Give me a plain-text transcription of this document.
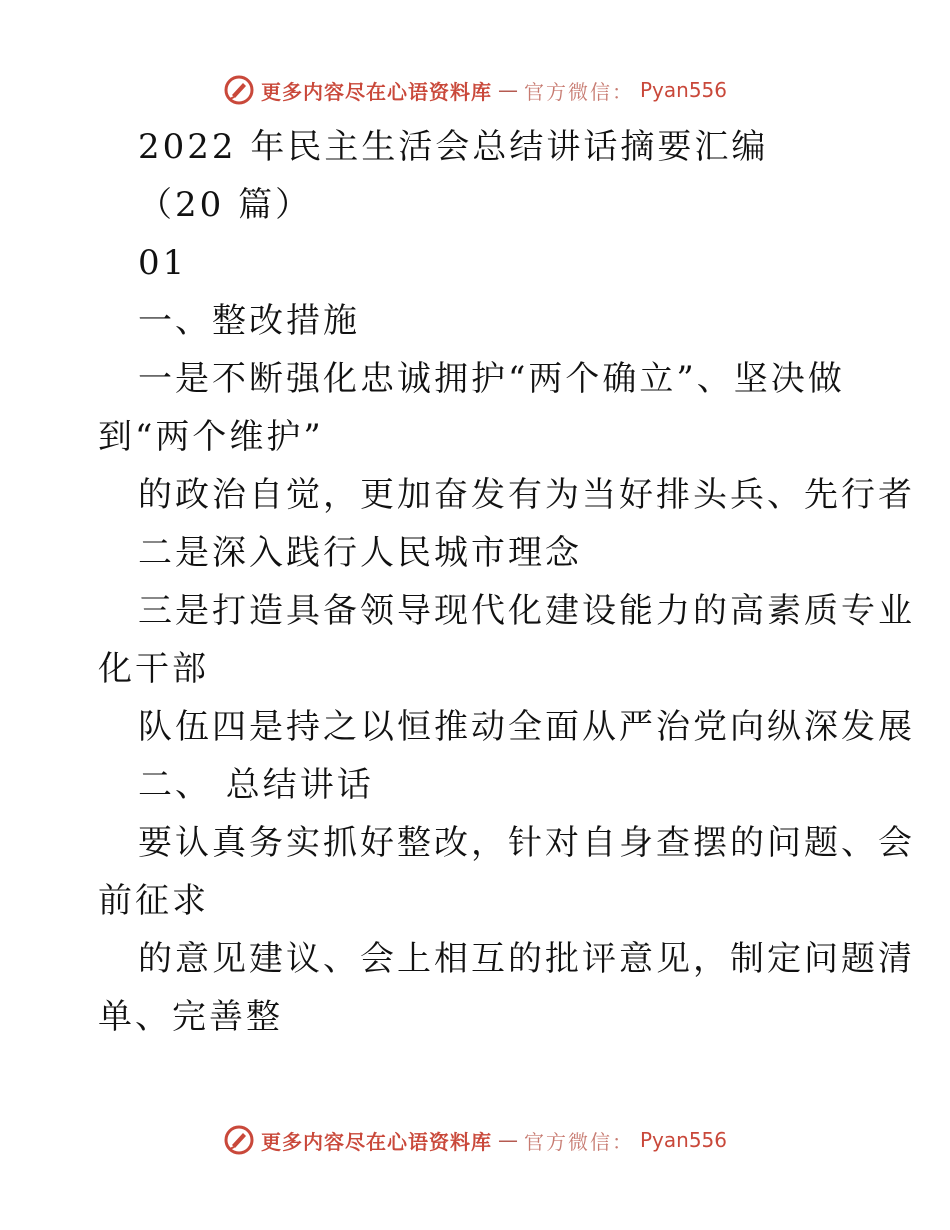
更多内容尽在心语资料库 — 官方微信： Pyan556
2022 年民主生活会总结讲话摘要汇编
（20 篇）
01
一、整改措施
一是不断强化忠诚拥护“两个确立”、坚决做
到“两个维护”
的政治自觉，更加奋发有为当好排头兵、先行者
二是深入践行人民城市理念
三是打造具备领导现代化建设能力的高素质专业
化干部
队伍四是持之以恒推动全面从严治党向纵深发展
二、 总结讲话
要认真务实抓好整改，针对自身查摆的问题、会
前征求
的意见建议、会上相互的批评意见，制定问题清
单、完善整
更多内容尽在心语资料库 — 官方微信： Pyan556
